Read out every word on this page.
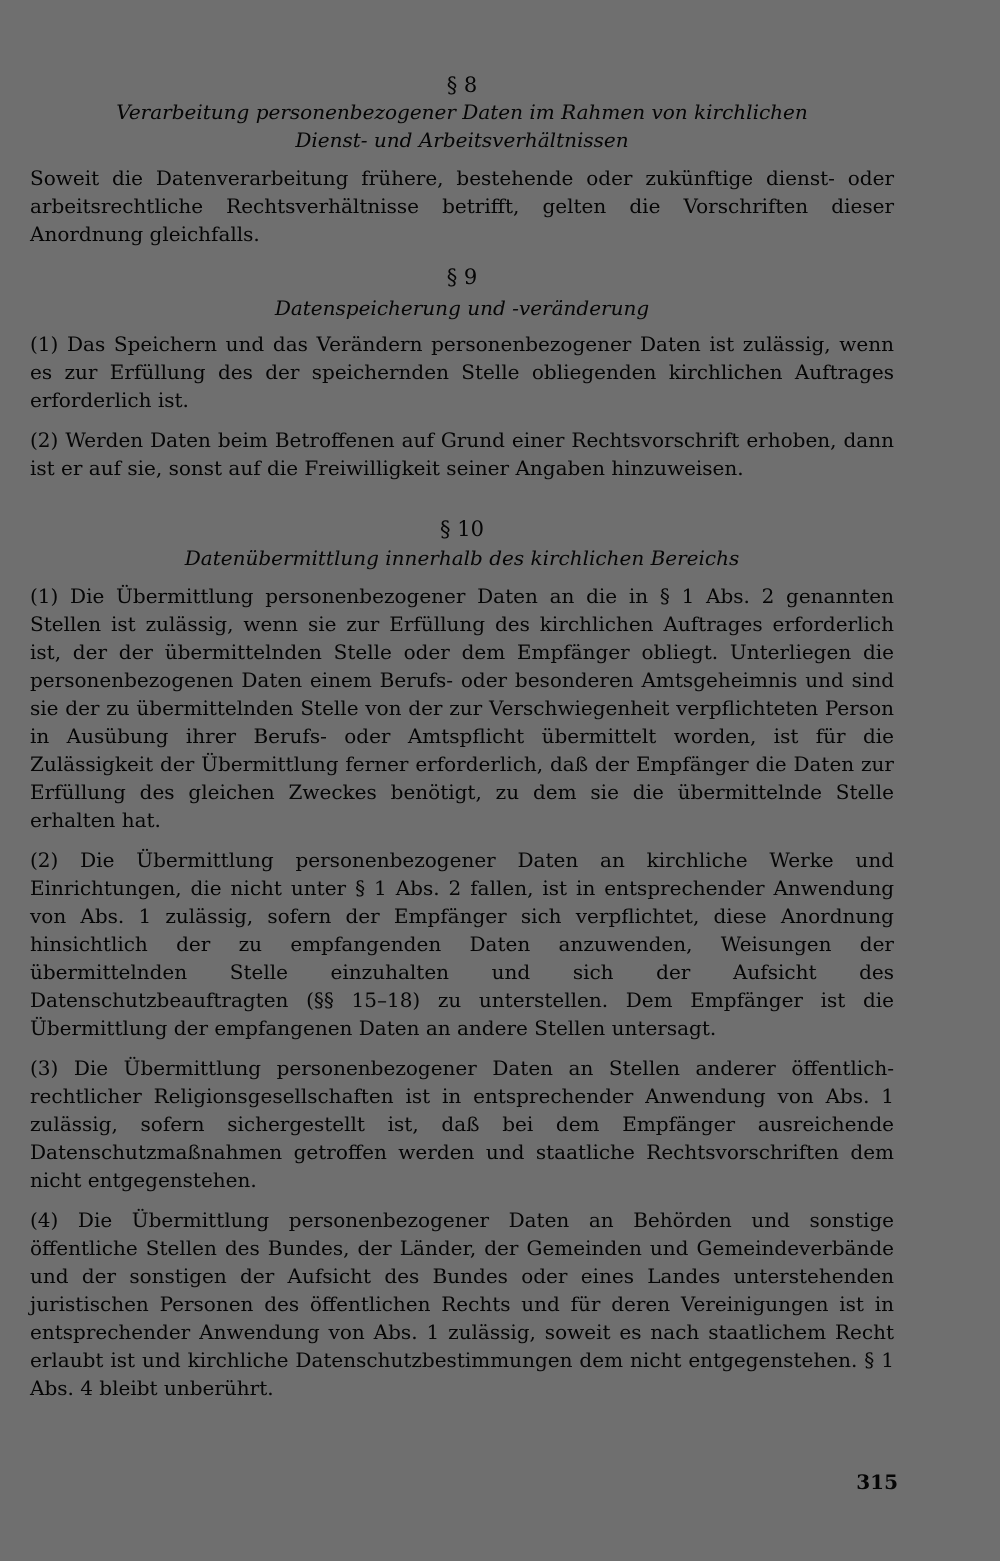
§ 8

Verarbeitung personenbezogener Daten im Rahmen von kirchlichen
Dienst- und Arbeitsverhältnissen

Soweit die Datenverarbeitung frühere, bestehende oder zukünftige dienst- oder arbeitsrechtliche Rechtsverhältnisse betrifft, gelten die Vorschriften dieser Anordnung gleichfalls.

§ 9

Datenspeicherung und -veränderung

(1) Das Speichern und das Verändern personenbezogener Daten ist zulässig, wenn es zur Erfüllung des der speichernden Stelle obliegenden kirchlichen Auftrages erforderlich ist.

(2) Werden Daten beim Betroffenen auf Grund einer Rechtsvorschrift erhoben, dann ist er auf sie, sonst auf die Freiwilligkeit seiner Angaben hinzuweisen.

§ 10

Datenübermittlung innerhalb des kirchlichen Bereichs

(1) Die Übermittlung personenbezogener Daten an die in § 1 Abs. 2 genannten Stellen ist zulässig, wenn sie zur Erfüllung des kirchlichen Auftrages erforderlich ist, der der übermittelnden Stelle oder dem Empfänger obliegt. Unterliegen die personenbezogenen Daten einem Berufs- oder besonderen Amtsgeheimnis und sind sie der zu übermittelnden Stelle von der zur Verschwiegenheit verpflichteten Person in Ausübung ihrer Berufs- oder Amtspflicht übermittelt worden, ist für die Zulässigkeit der Übermittlung ferner erforderlich, daß der Empfänger die Daten zur Erfüllung des gleichen Zweckes benötigt, zu dem sie die übermittelnde Stelle erhalten hat.

(2) Die Übermittlung personenbezogener Daten an kirchliche Werke und Einrichtungen, die nicht unter § 1 Abs. 2 fallen, ist in entsprechender Anwendung von Abs. 1 zulässig, sofern der Empfänger sich verpflichtet, diese Anordnung hinsichtlich der zu empfangenden Daten anzuwenden, Weisungen der übermittelnden Stelle einzuhalten und sich der Aufsicht des Datenschutzbeauftragten (§§ 15–18) zu unterstellen. Dem Empfänger ist die Übermittlung der empfangenen Daten an andere Stellen untersagt.

(3) Die Übermittlung personenbezogener Daten an Stellen anderer öffentlich-rechtlicher Religionsgesellschaften ist in entsprechender Anwendung von Abs. 1 zulässig, sofern sichergestellt ist, daß bei dem Empfänger ausreichende Datenschutzmaßnahmen getroffen werden und staatliche Rechtsvorschriften dem nicht entgegenstehen.

(4) Die Übermittlung personenbezogener Daten an Behörden und sonstige öffentliche Stellen des Bundes, der Länder, der Gemeinden und Gemeindeverbände und der sonstigen der Aufsicht des Bundes oder eines Landes unterstehenden juristischen Personen des öffentlichen Rechts und für deren Vereinigungen ist in entsprechender Anwendung von Abs. 1 zulässig, soweit es nach staatlichem Recht erlaubt ist und kirchliche Datenschutzbestimmungen dem nicht entgegenstehen. § 1 Abs. 4 bleibt unberührt.

315
